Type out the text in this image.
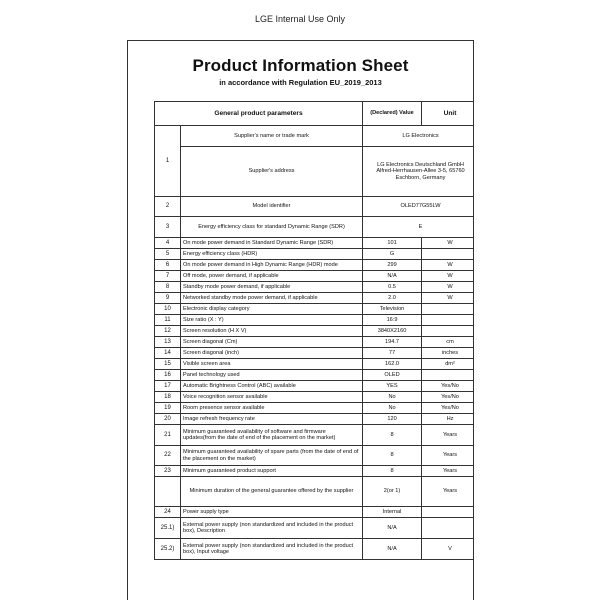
LGE Internal Use Only
Product Information Sheet
in accordance with Regulation EU_2019_2013
General product parameters		(Declared) Value	Unit
1	Supplier's name or trade mark	LG Electronics	
	Supplier's address	LG Electronics Deutschland GmbH Alfred-Herrhausen-Allee 3-5, 65760 Eschborn, Germany	
2	Model identifier	OLED77G55LW	
3	Energy efficiency class for standard Dynamic Range (SDR)	E	
4	On mode power demand in Standard Dynamic Range (SDR)	101	W
5	Energy efficiency class (HDR)	G	
6	On mode power demand in High Dynamic Range (HDR) mode	299	W
7	Off mode, power demand, if applicable	N/A	W
8	Standby mode power demand, if applicable	0.5	W
9	Networked standby mode power demand, if applicable	2.0	W
10	Electronic display category	Television	
11	Size ratio (X : Y)	16:9	
12	Screen resolution (H X V)	3840X2160	
13	Screen diagonal (Cm)	194.7	cm
14	Screen diagonal (inch)	77	inches
15	Visible screen area	162.0	dm²
16	Panel technology used	OLED	
17	Automatic Brightness Control (ABC) available	YES	Yes/No
18	Voice recognition sensor available	No	Yes/No
19	Room presence sensor available	No	Yes/No
20	Image refresh frequency rate	120	Hz
21	Minimum guaranteed availability of software and firmware updates(from the date of end of the placement on the market)	8	Years
22	Minimum guaranteed availability of spare parts (from the date of end of the placement on the market)	8	Years
23	Minimum guaranteed product support	8	Years
	Minimum duration of the general guarantee offered by the supplier	2(or 1)	Years
24	Power supply type	Internal	
25.1)	External power supply (non standardized and included in the product box), Description	N/A	
25.2)	External power supply (non standardized and included in the product box), Input voltage	N/A	V
